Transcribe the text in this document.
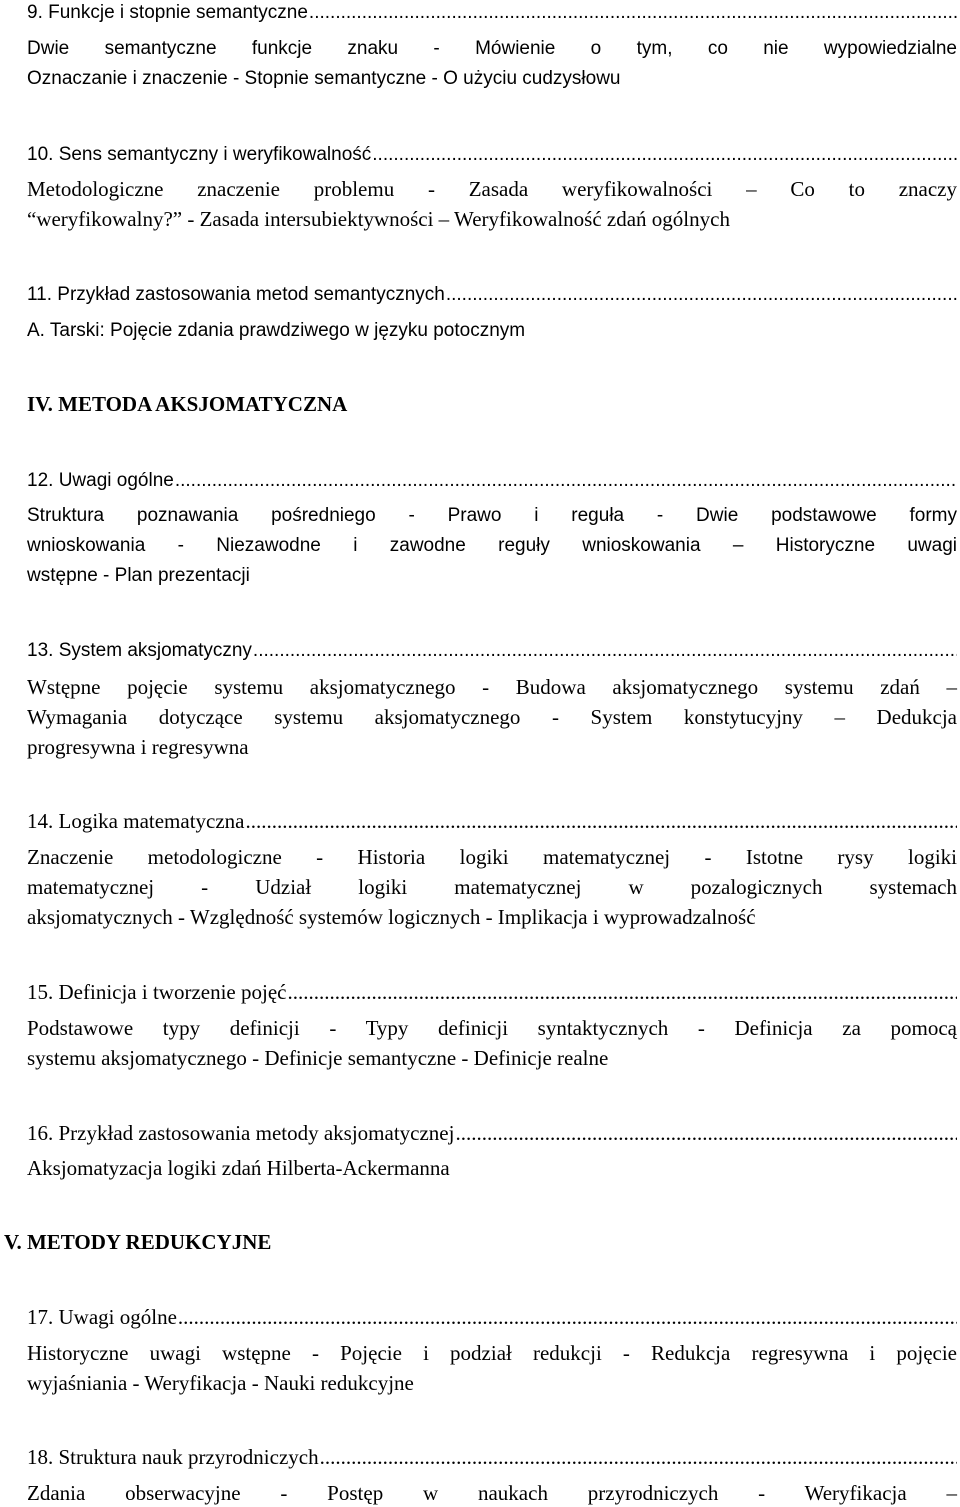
9. Funkcje i stopnie semantyczne
.....
Dwie semantyczne funkcje znaku - Mówienie o tym, co nie wypowiedzialne
Oznaczanie i znaczenie - Stopnie semantyczne - O użyciu cudzysłowu
10. Sens semantyczny i weryfikowalność
.....
Metodologiczne znaczenie problemu - Zasada weryfikowalności – Co to znaczy
“weryfikowalny?” - Zasada intersubiektywności – Weryfikowalność zdań ogólnych
11. Przykład zastosowania metod semantycznych
.....
A. Tarski: Pojęcie zdania prawdziwego w języku potocznym
IV. METODA AKSJOMATYCZNA
12. Uwagi ogólne
.....
Struktura poznawania pośredniego - Prawo i reguła - Dwie podstawowe formy
wnioskowania - Niezawodne i zawodne reguły wnioskowania – Historyczne uwagi
wstępne - Plan prezentacji
13. System aksjomatyczny
.....
Wstępne pojęcie systemu aksjomatycznego - Budowa aksjomatycznego systemu zdań –
Wymagania dotyczące systemu aksjomatycznego - System konstytucyjny – Dedukcja
progresywna i regresywna
14. Logika matematyczna
.....
Znaczenie metodologiczne - Historia logiki matematycznej - Istotne rysy logiki
matematycznej - Udział logiki matematycznej w pozalogicznych systemach
aksjomatycznych - Względność systemów logicznych - Implikacja i wyprowadzalność
15. Definicja i tworzenie pojęć
.....
Podstawowe typy definicji - Typy definicji syntaktycznych - Definicja za pomocą
systemu aksjomatycznego - Definicje semantyczne - Definicje realne
16. Przykład zastosowania metody aksjomatycznej
.....
Aksjomatyzacja logiki zdań Hilberta-Ackermanna
V. METODY REDUKCYJNE
17. Uwagi ogólne
.....
Historyczne uwagi wstępne - Pojęcie i podział redukcji - Redukcja regresywna i pojęcie
wyjaśniania - Weryfikacja - Nauki redukcyjne
18. Struktura nauk przyrodniczych
.....
Zdania obserwacyjne - Postęp w naukach przyrodniczych - Weryfikacja –
